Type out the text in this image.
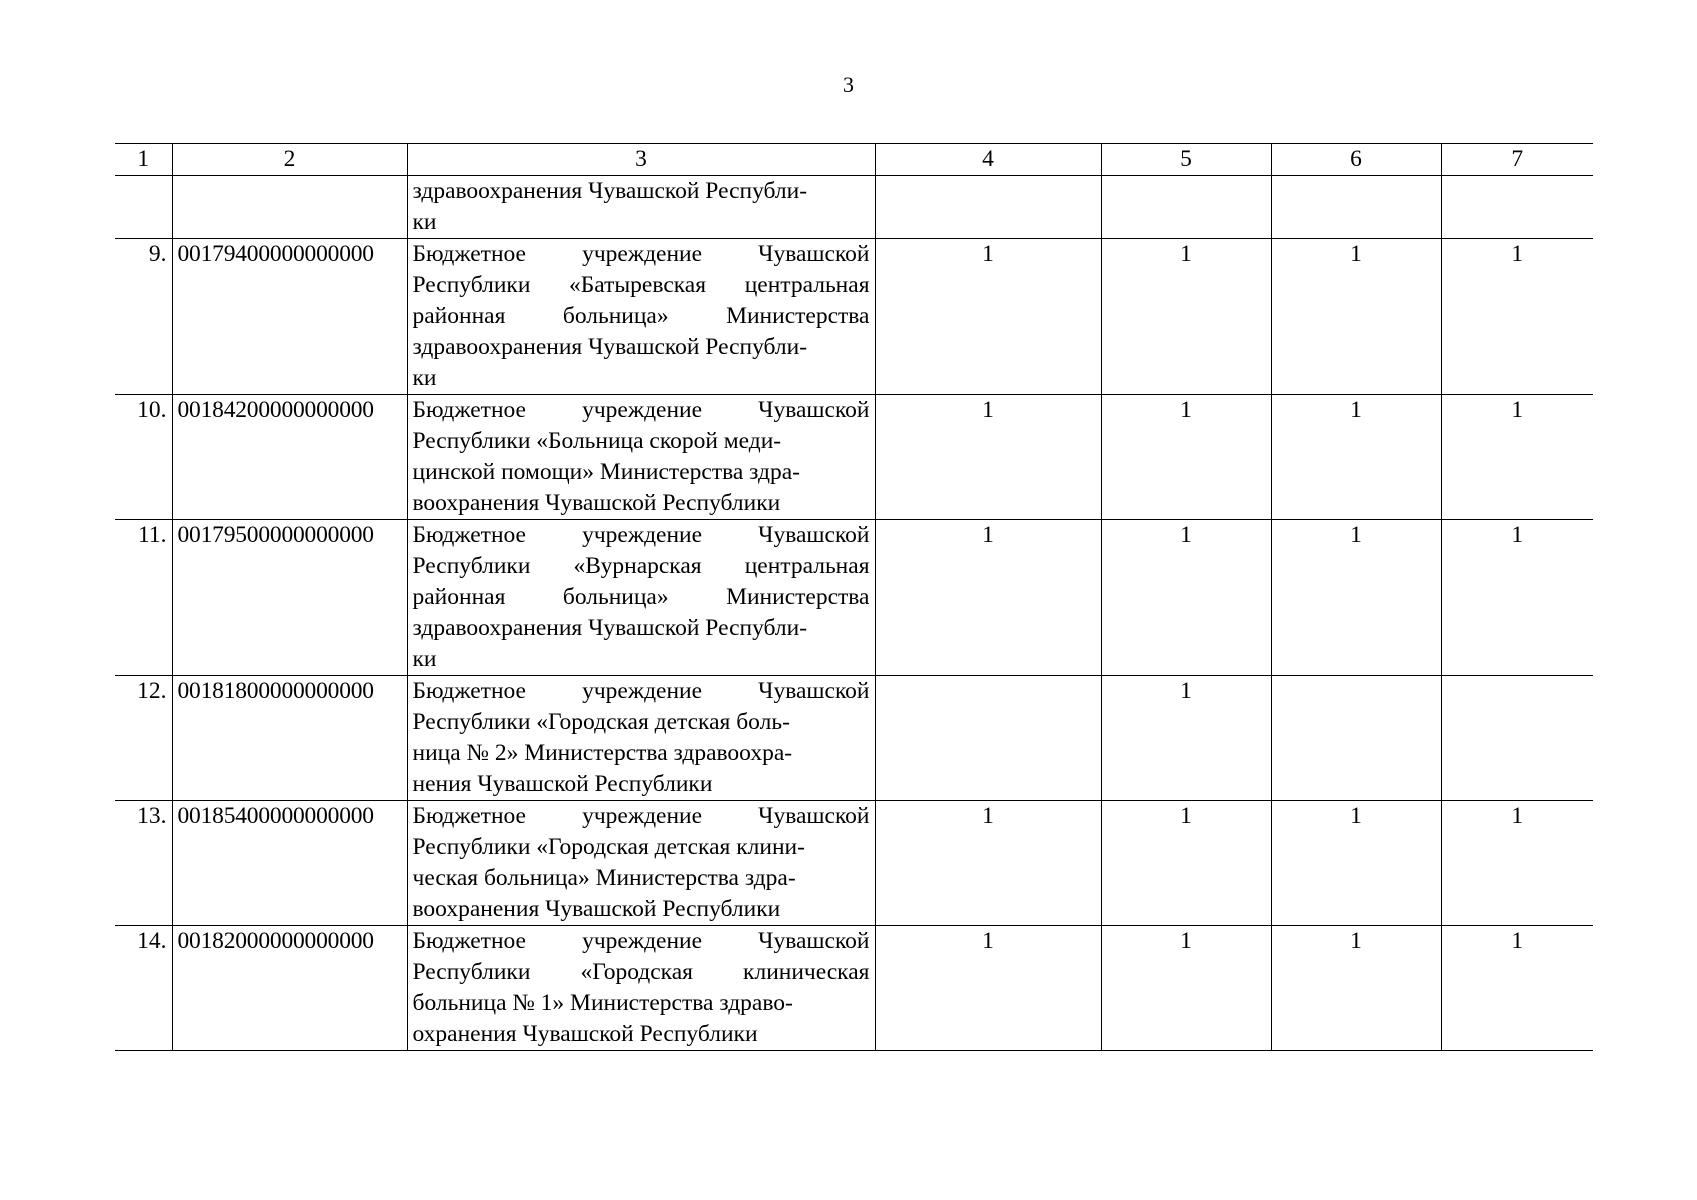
3
1	2	3	4	5	6	7
		здравоохранения Чувашской Республи-
ки				
9.	00179400000000000	Бюджетное учреждение Чувашской Республики «Батыревская центральная районная больница» Министерства здравоохранения Чувашской Республи-
ки	1	1	1	1
10.	00184200000000000	Бюджетное учреждение Чувашской Республики «Больница скорой меди-
цинской помощи» Министерства здра-
воохранения Чувашской Республики	1	1	1	1
11.	00179500000000000	Бюджетное учреждение Чувашской Республики «Вурнарская центральная районная больница» Министерства здравоохранения Чувашской Республи-
ки	1	1	1	1
12.	00181800000000000	Бюджетное учреждение Чувашской Республики «Городская детская боль-
ница № 2» Министерства здравоохра-
нения Чувашской Республики		1		
13.	00185400000000000	Бюджетное учреждение Чувашской Республики «Городская детская клини-
ческая больница» Министерства здра-
воохранения Чувашской Республики	1	1	1	1
14.	00182000000000000	Бюджетное учреждение Чувашской Республики «Городская клиническая больница № 1» Министерства здраво-
охранения Чувашской Республики	1	1	1	1
